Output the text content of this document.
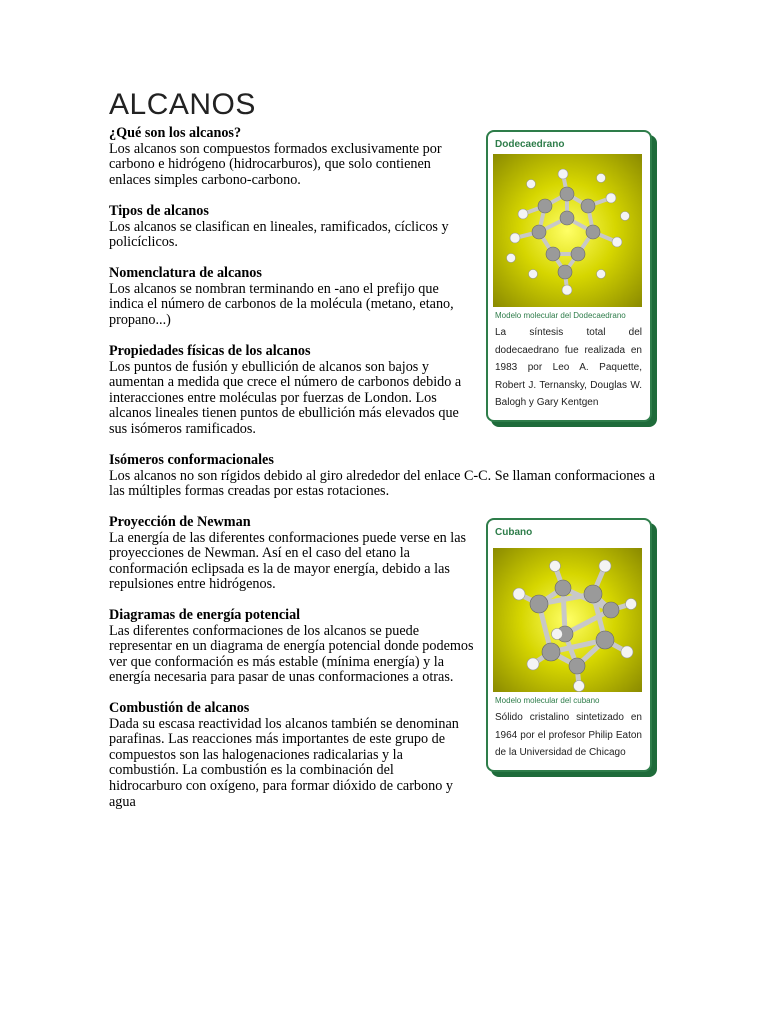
ALCANOS
¿Qué son los alcanos?

Los alcanos son compuestos formados exclusivamente por carbono e hidrógeno (hidrocarburos), que solo contienen enlaces simples carbono-carbono.

Tipos de alcanos

Los alcanos se clasifican en lineales, ramificados, cíclicos y policíclicos.

Nomenclatura de alcanos

Los alcanos se nombran terminando en -ano el prefijo que indica el número de carbonos de la molécula (metano, etano, propano...)

Propiedades físicas de los alcanos

Los puntos de fusión y ebullición de alcanos son bajos y aumentan a medida que crece el número de carbonos debido a interacciones entre moléculas por fuerzas de London. Los alcanos lineales tienen puntos de ebullición más elevados que sus isómeros ramificados.

Isómeros conformacionales

Los alcanos no son rígidos debido al giro alrededor del enlace C-C. Se llaman conformaciones a las múltiples formas creadas por estas rotaciones.

Proyección de Newman

La energía de las diferentes conformaciones puede verse en las proyecciones de Newman. Así en el caso del etano la conformación eclipsada es la de mayor energía, debido a las repulsiones entre hidrógenos.

Diagramas de energía potencial

Las diferentes conformaciones de los alcanos se puede representar en un diagrama de energía potencial donde podemos ver que conformación es más estable (mínima energía) y la energía necesaria para pasar de unas conformaciones a otras.

Combustión de alcanos

Dada su escasa reactividad los alcanos también se denominan parafinas. Las reacciones más importantes de este grupo de compuestos son las halogenaciones radicalarias y la combustión. La combustión es la combinación del hidrocarburo con oxígeno, para formar dióxido de carbono y agua

Dodecaedrano
Modelo molecular del Dodecaedrano
La síntesis total del dodecaedrano fue realizada en 1983 por Leo A. Paquette, Robert J. Ternansky, Douglas W. Balogh y Gary Kentgen
Cubano
Modelo molecular del cubano
Sólido cristalino sintetizado en 1964 por el profesor Philip Eaton de la Universidad de Chicago
